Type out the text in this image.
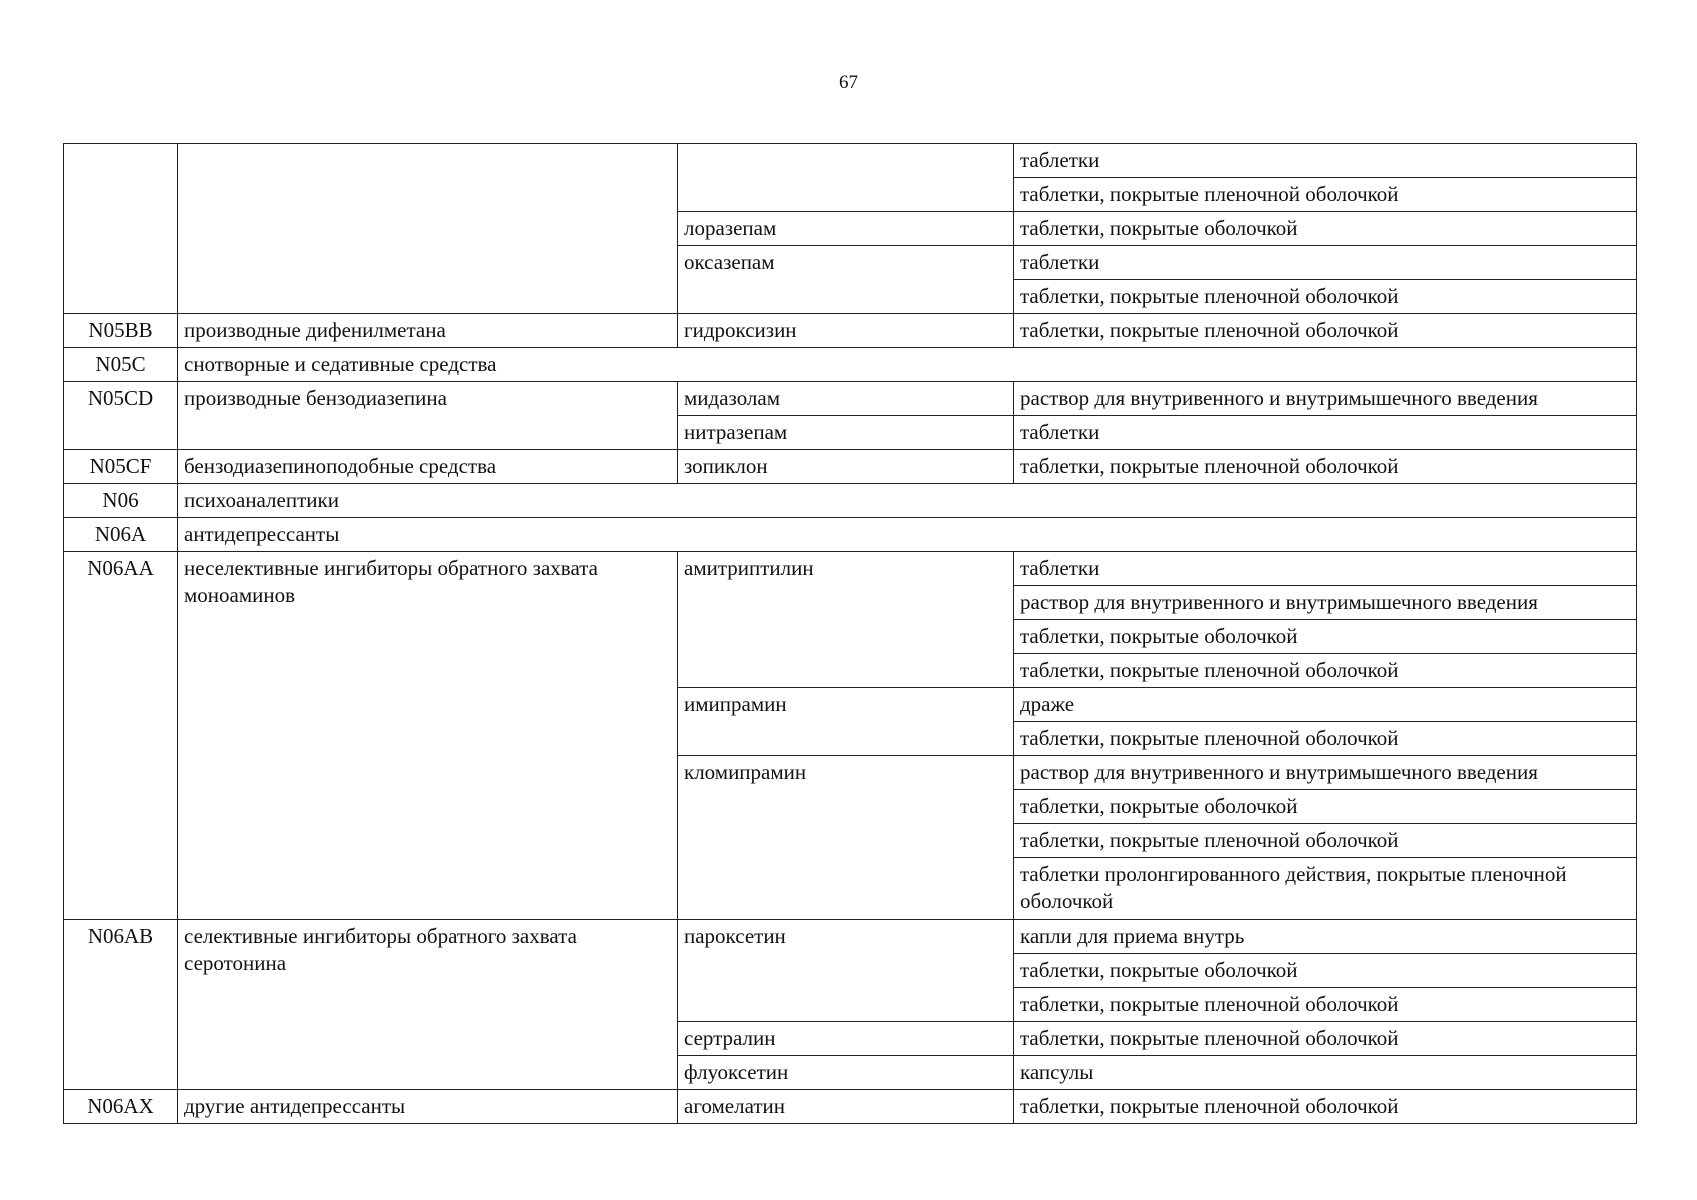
67
			таблетки
			таблетки, покрытые пленочной оболочкой
		лоразепам	таблетки, покрытые оболочкой
		оксазепам	таблетки
			таблетки, покрытые пленочной оболочкой
N05BB	производные дифенилметана	гидроксизин	таблетки, покрытые пленочной оболочкой
N05C	снотворные и седативные средства		
N05CD	производные бензодиазепина	мидазолам	раствор для внутривенного и внутримышечного введения
		нитразепам	таблетки
N05CF	бензодиазепиноподобные средства	зопиклон	таблетки, покрытые пленочной оболочкой
N06	психоаналептики		
N06A	антидепрессанты		
N06AA	неселективные ингибиторы обратного захвата моноаминов	амитриптилин	таблетки
			раствор для внутривенного и внутримышечного введения
			таблетки, покрытые оболочкой
			таблетки, покрытые пленочной оболочкой
		имипрамин	драже
			таблетки, покрытые пленочной оболочкой
		кломипрамин	раствор для внутривенного и внутримышечного введения
			таблетки, покрытые оболочкой
			таблетки, покрытые пленочной оболочкой
			таблетки пролонгированного действия, покрытые пленочной оболочкой
N06AB	селективные ингибиторы обратного захвата серотонина	пароксетин	капли для приема внутрь
			таблетки, покрытые оболочкой
			таблетки, покрытые пленочной оболочкой
		сертралин	таблетки, покрытые пленочной оболочкой
		флуоксетин	капсулы
N06AX	другие антидепрессанты	агомелатин	таблетки, покрытые пленочной оболочкой
